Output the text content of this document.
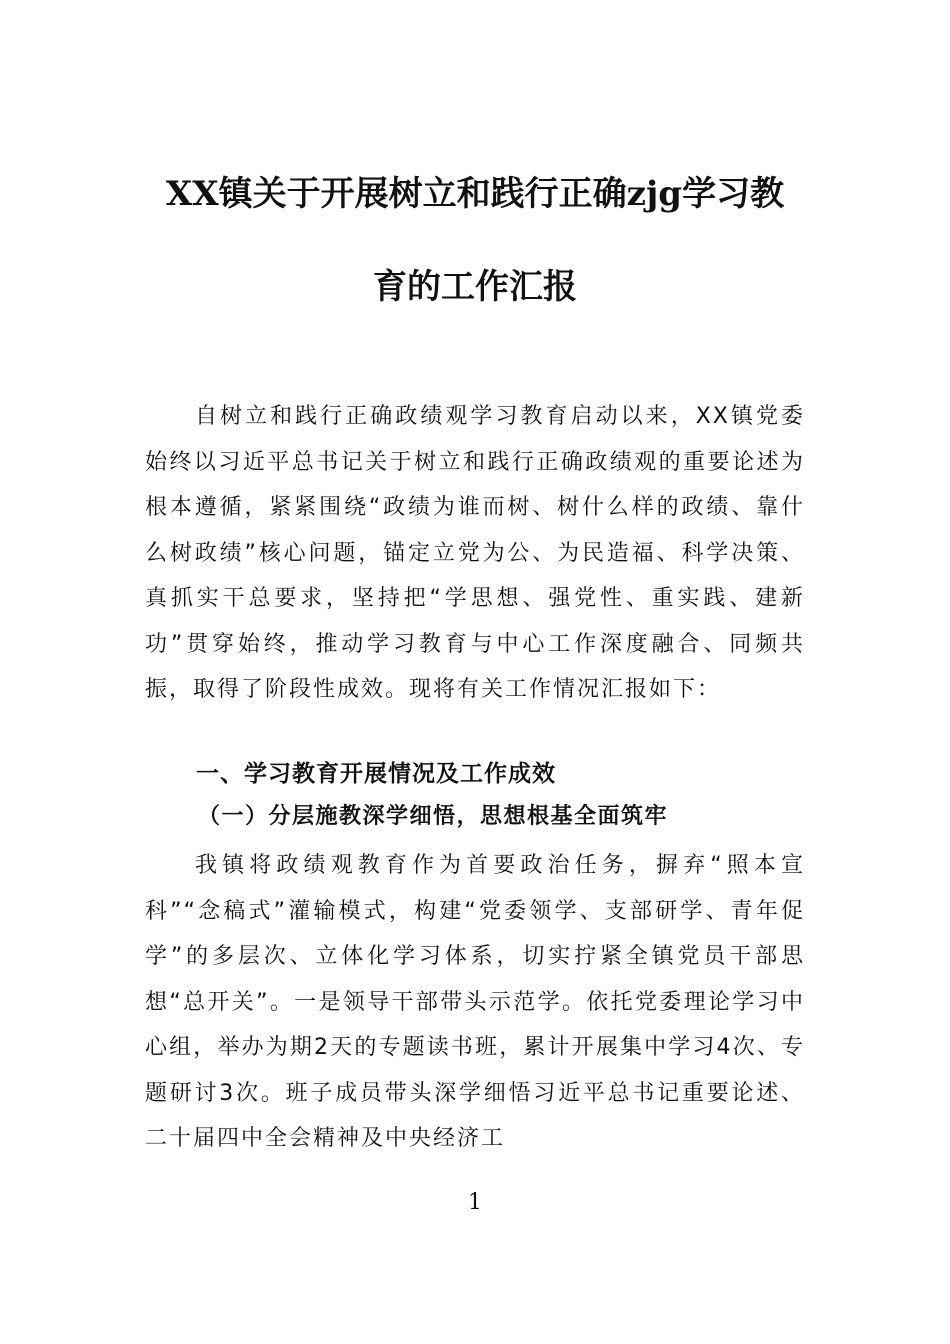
XX镇关于开展树立和践行正确zjg学习教
育的工作汇报

自树立和践行正确政绩观学习教育启动以来，XX镇党委始终以习近平总书记关于树立和践行正确政绩观的重要论述为根本遵循，紧紧围绕“政绩为谁而树、树什么样的政绩、靠什么树政绩”核心问题，锚定立党为公、为民造福、科学决策、真抓实干总要求，坚持把“学思想、强党性、重实践、建新功”贯穿始终，推动学习教育与中心工作深度融合、同频共振，取得了阶段性成效。现将有关工作情况汇报如下：

一、学习教育开展情况及工作成效
（一）分层施教深学细悟，思想根基全面筑牢

我镇将政绩观教育作为首要政治任务，摒弃“照本宣科”“念稿式”灌输模式，构建“党委领学、支部研学、青年促学”的多层次、立体化学习体系，切实拧紧全镇党员干部思想“总开关”。一是领导干部带头示范学。依托党委理论学习中心组，举办为期2天的专题读书班，累计开展集中学习4次、专题研讨3次。班子成员带头深学细悟习近平总书记重要论述、二十届四中全会精神及中央经济工

1
